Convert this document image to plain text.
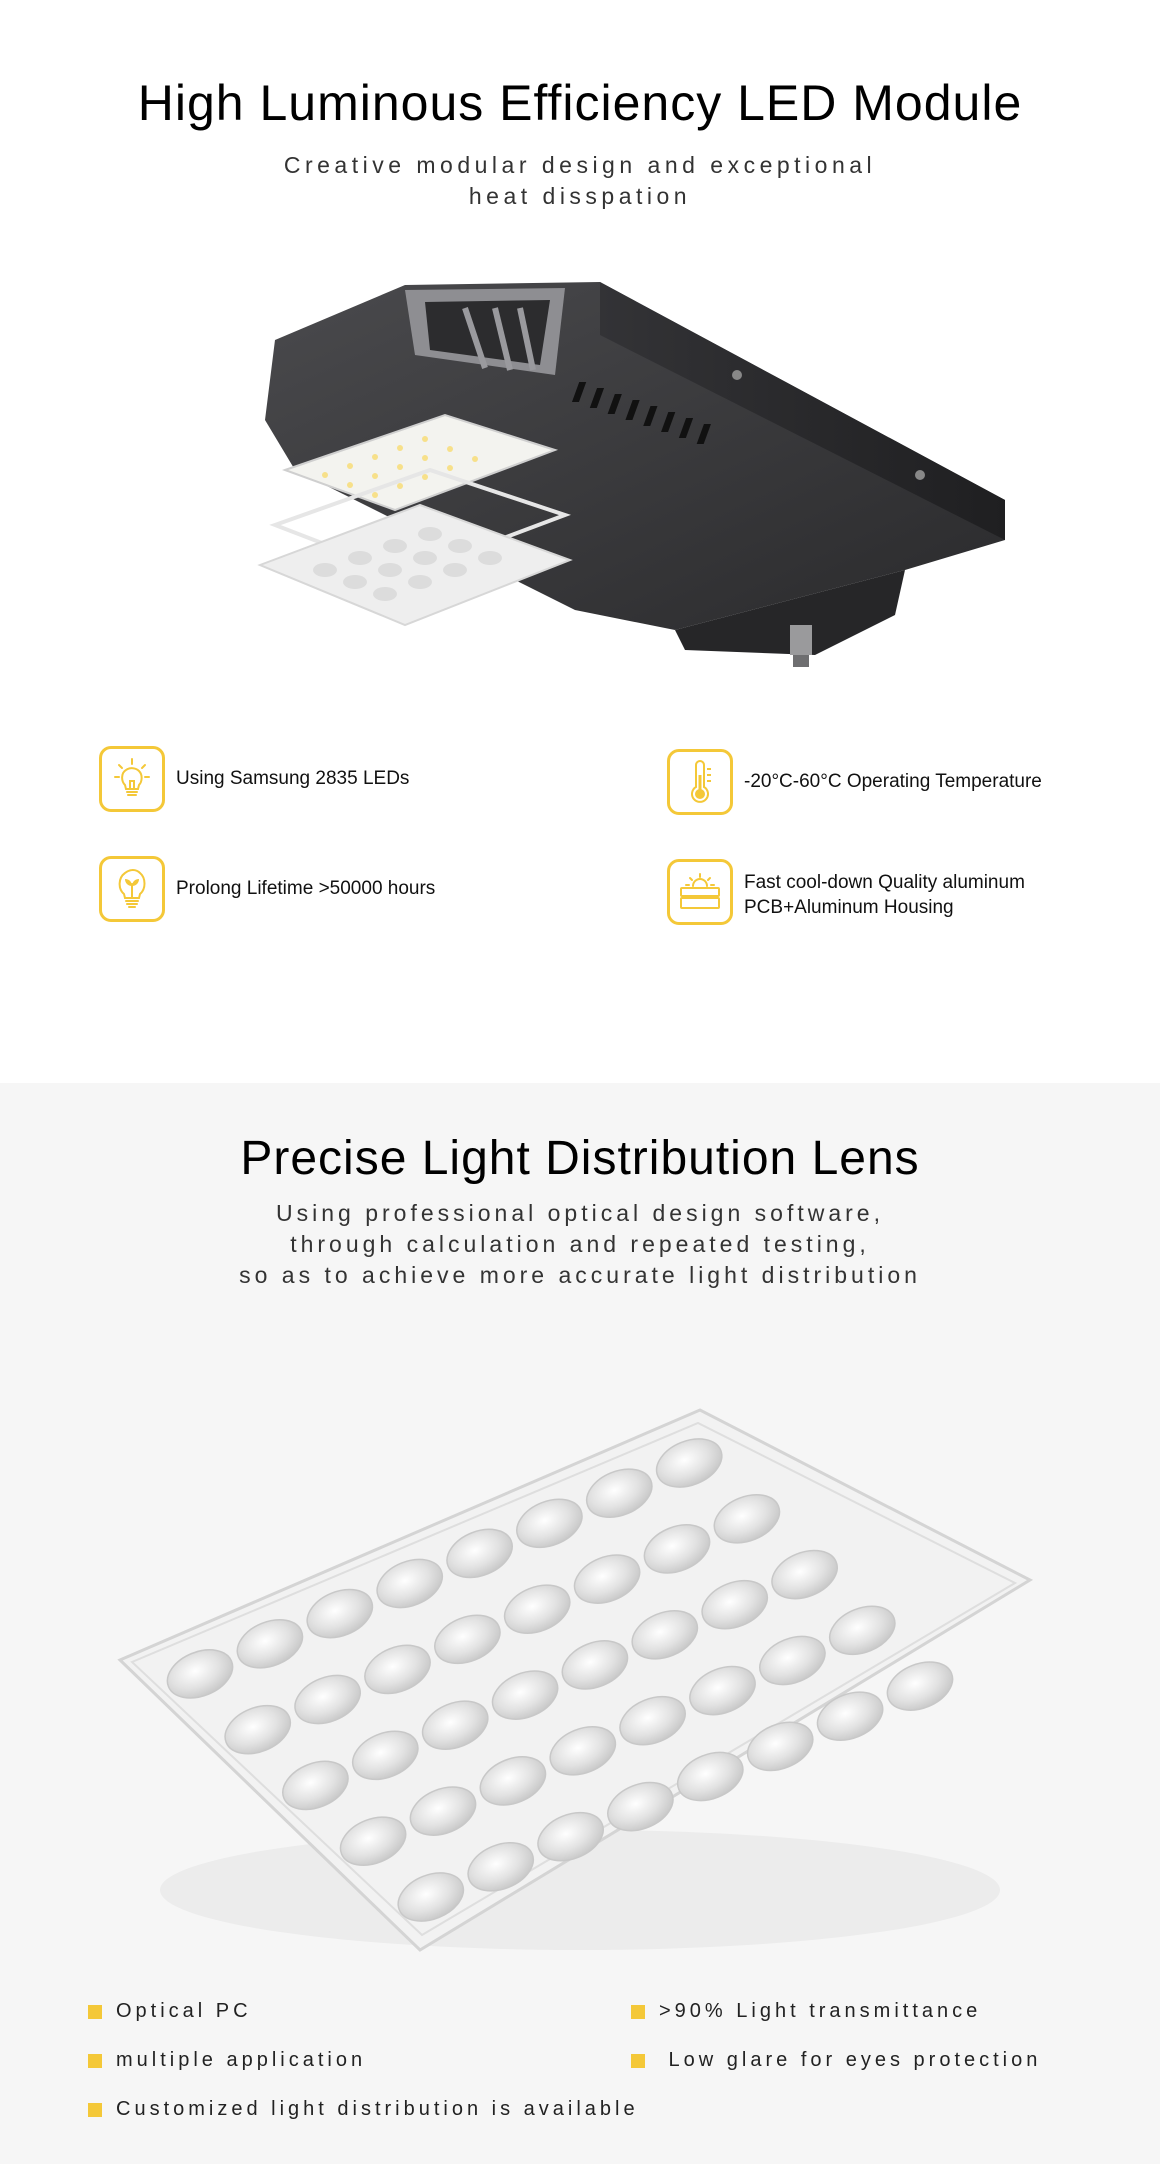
High Luminous Efficiency LED Module
Creative modular design and exceptional
heat disspation
Using Samsung 2835 LEDs	-20°C-60°C Operating Temperature
Prolong Lifetime >50000 hours	Fast cool-down Quality aluminum
PCB+Aluminum Housing
Precise Light Distribution Lens
Using professional optical design software,
through calculation and repeated testing,
so as to achieve more accurate light distribution
Optical PC	>90% Light transmittance
multiple application	Low glare for eyes protection
Customized light distribution is available
